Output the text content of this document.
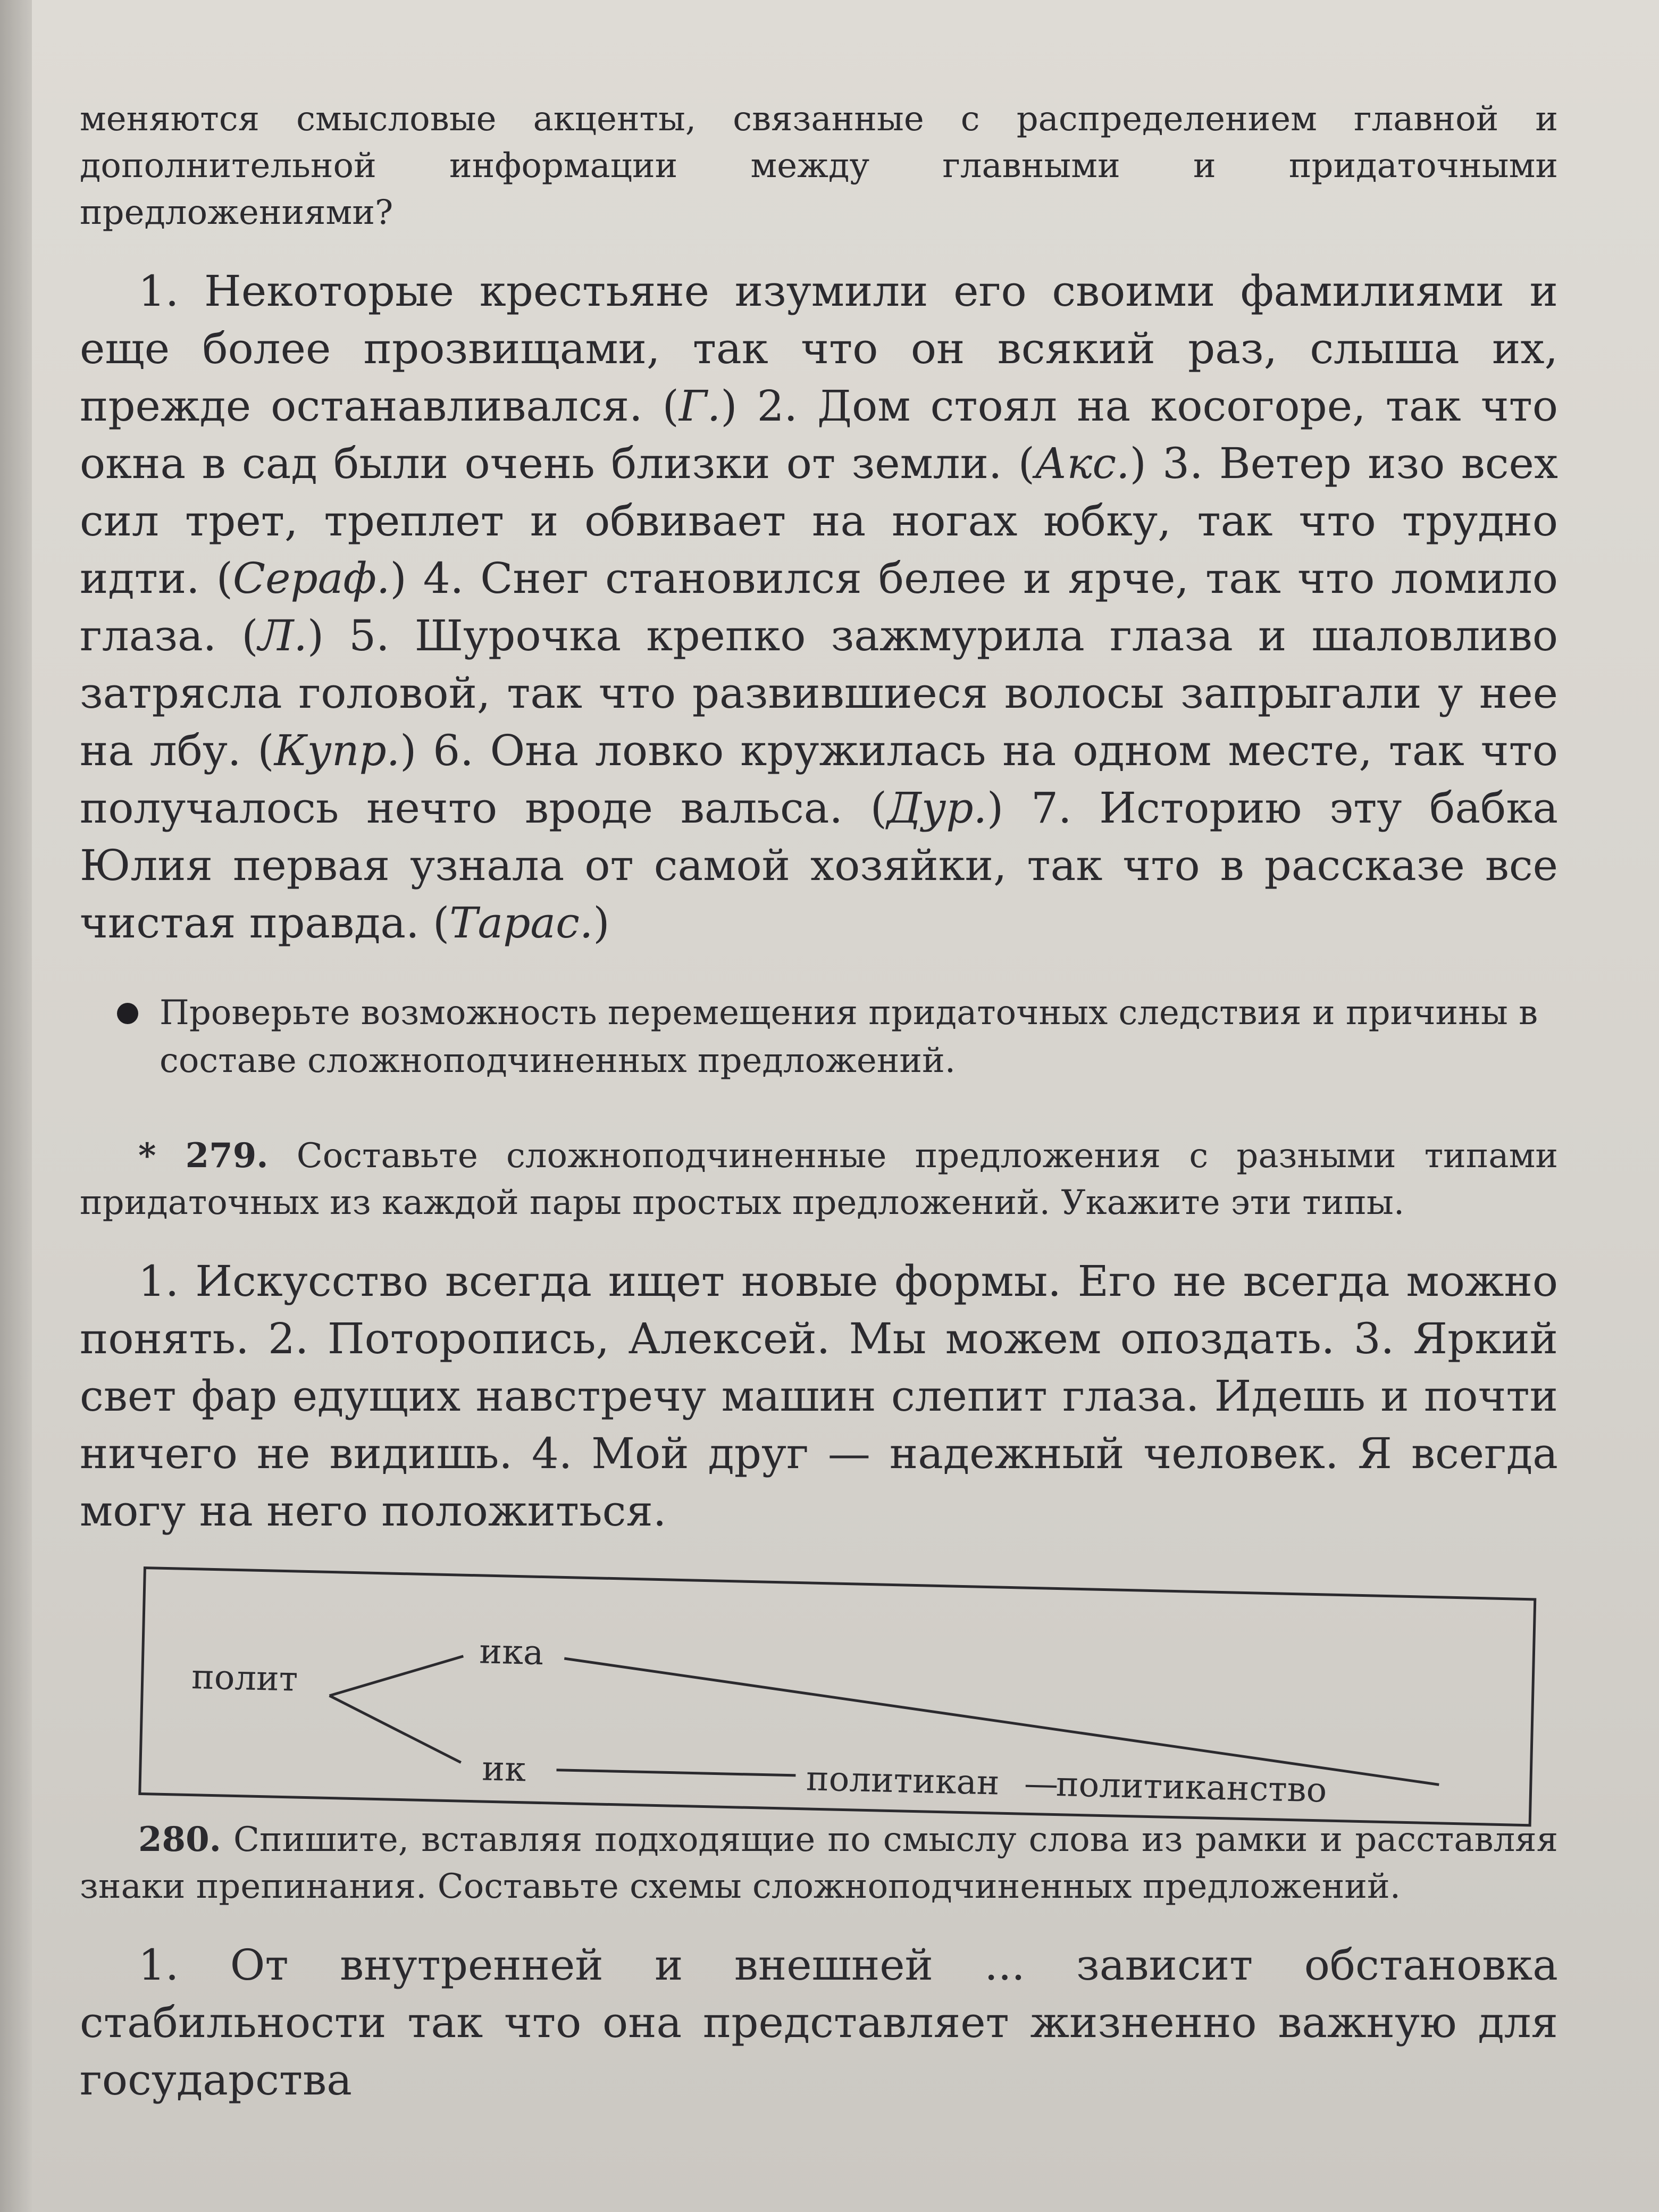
меняются смысловые акценты, связанные с распределением главной и дополнительной информации между главными и придаточными предложениями?

1. Некоторые крестьяне изумили его своими фамилиями и еще более прозвищами, так что он всякий раз, слыша их, прежде останавливался. (Г.) 2. Дом стоял на косогоре, так что окна в сад были очень близки от земли. (Акс.) 3. Ветер изо всех сил трет, треплет и обвивает на ногах юбку, так что трудно идти. (Сераф.) 4. Снег становился белее и ярче, так что ломило глаза. (Л.) 5. Шурочка крепко зажмурила глаза и шаловливо затрясла головой, так что развившиеся волосы запрыгали у нее на лбу. (Купр.) 6. Она ловко кружилась на одном месте, так что получалось нечто вроде вальса. (Дур.) 7. Историю эту бабка Юлия первая узнала от самой хозяйки, так что в рассказе все чистая правда. (Тарас.)

Проверьте возможность перемещения придаточных следствия и причины в составе сложноподчиненных предложений.

* 279. Составьте сложноподчиненные предложения с разными типами придаточных из каждой пары простых предложений. Укажите эти типы.

1. Искусство всегда ищет новые формы. Его не всегда можно понять. 2. Поторопись, Алексей. Мы можем опоздать. 3. Яркий свет фар едущих навстречу машин слепит глаза. Идешь и почти ничего не видишь. 4. Мой друг — надежный человек. Я всегда могу на него положиться.

полит
ика
ик	политикан —
политиканство

280. Спишите, вставляя подходящие по смыслу слова из рамки и расставляя знаки препинания. Составьте схемы сложноподчиненных предложений.

1. От внутренней и внешней ... зависит обстановка стабильности так что она представляет жизненно важную для государства
